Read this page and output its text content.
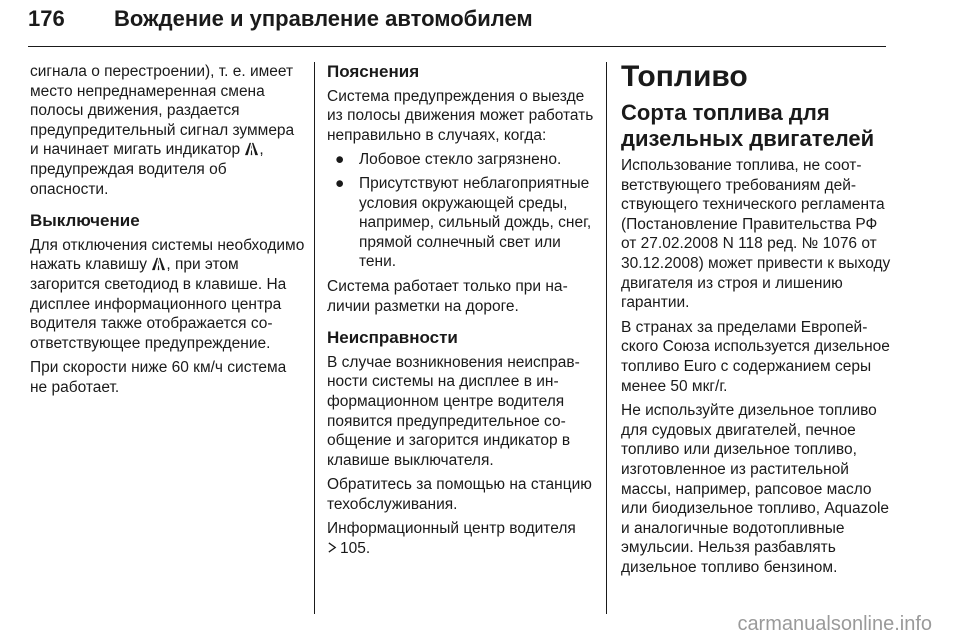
176 Вождение и управление автомобилем

сигнала о перестроении), т. е. имеет место непреднамеренная смена полосы движения, раздается предупредительный сигнал зуммера и начинает мигать индикатор , предупреждая водителя об опасности.

Выключение

Для отключения системы необходимо нажать клавишу , при этом загорится светодиод в клавише. На дисплее информационного центра водителя также отображается соответствующее предупреждение.

При скорости ниже 60 км/ч система не работает.

Пояснения

Система предупреждения о выезде из полосы движения может работать неправильно в случаях, когда:

● Лобовое стекло загрязнено.
● Присутствуют неблагоприятные условия окружающей среды, например, сильный дождь, снег, прямой солнечный свет или тени.

Система работает только при наличии разметки на дороге.

Неисправности

В случае возникновения неисправности системы на дисплее в информационном центре водителя появится предупредительное сообщение и загорится индикатор в клавише выключателя.

Обратитесь за помощью на станцию техобслуживания.

Информационный центр водителя
105.

Топливо
Сорта топлива для дизельных двигателей

Использование топлива, не соответствующего требованиям действующего технического регламента (Постановление Правительства РФ от 27.02.2008 N 118 ред. № 1076 от 30.12.2008) может привести к выходу двигателя из строя и лишению гарантии.

В странах за пределами Европейского Союза используется дизельное топливо Euro с содержанием серы менее 50 мкг/г.

Не используйте дизельное топливо для судовых двигателей, печное топливо или дизельное топливо, изготовленное из растительной массы, например, рапсовое масло или биодизельное топливо, Aquazole и аналогичные водотопливные эмульсии. Нельзя разбавлять дизельное топливо бензином.

carmanualsonline.info
